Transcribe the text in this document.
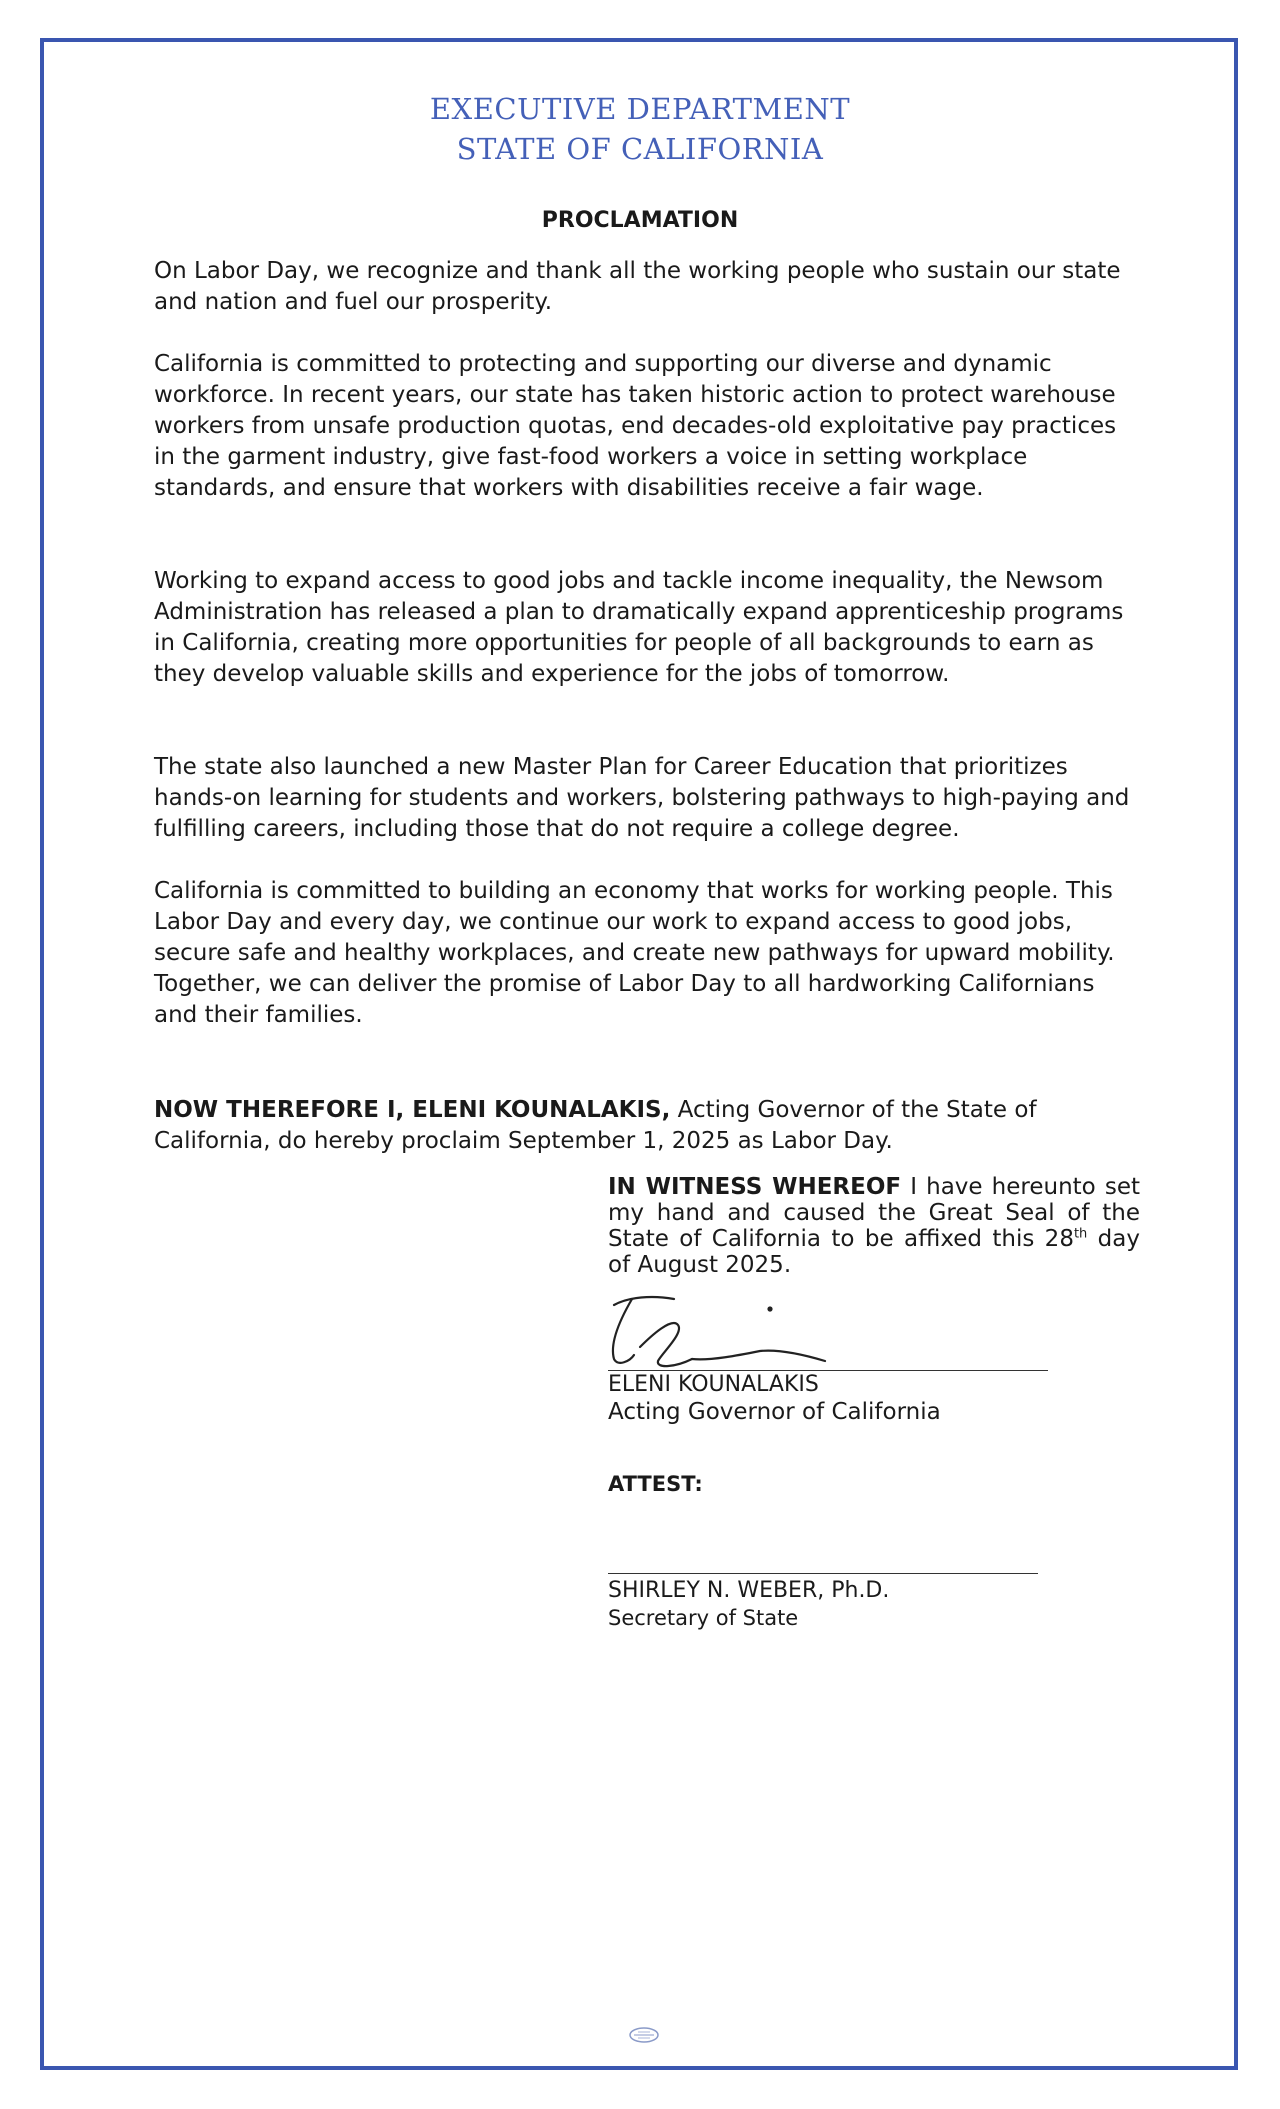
EXECUTIVE DEPARTMENT
STATE OF CALIFORNIA
PROCLAMATION

On Labor Day, we recognize and thank all the working people who sustain our state and nation and fuel our prosperity.

California is committed to protecting and supporting our diverse and dynamic workforce. In recent years, our state has taken historic action to protect warehouse workers from unsafe production quotas, end decades-old exploitative pay practices in the garment industry, give fast-food workers a voice in setting workplace standards, and ensure that workers with disabilities receive a fair wage.

Working to expand access to good jobs and tackle income inequality, the Newsom Administration has released a plan to dramatically expand apprenticeship programs in California, creating more opportunities for people of all backgrounds to earn as they develop valuable skills and experience for the jobs of tomorrow.

The state also launched a new Master Plan for Career Education that prioritizes hands-on learning for students and workers, bolstering pathways to high-paying and fulfilling careers, including those that do not require a college degree.

California is committed to building an economy that works for working people. This Labor Day and every day, we continue our work to expand access to good jobs, secure safe and healthy workplaces, and create new pathways for upward mobility. Together, we can deliver the promise of Labor Day to all hardworking Californians and their families.

NOW THEREFORE I, ELENI KOUNALAKIS, Acting Governor of the State of California, do hereby proclaim September 1, 2025 as Labor Day.

IN WITNESS WHEREOF I have hereunto set my hand and caused the Great Seal of the State of California to be affixed this 28th day of August 2025.

ELENI KOUNALAKIS
Acting Governor of California
ATTEST:
SHIRLEY N. WEBER, Ph.D.
Secretary of State
